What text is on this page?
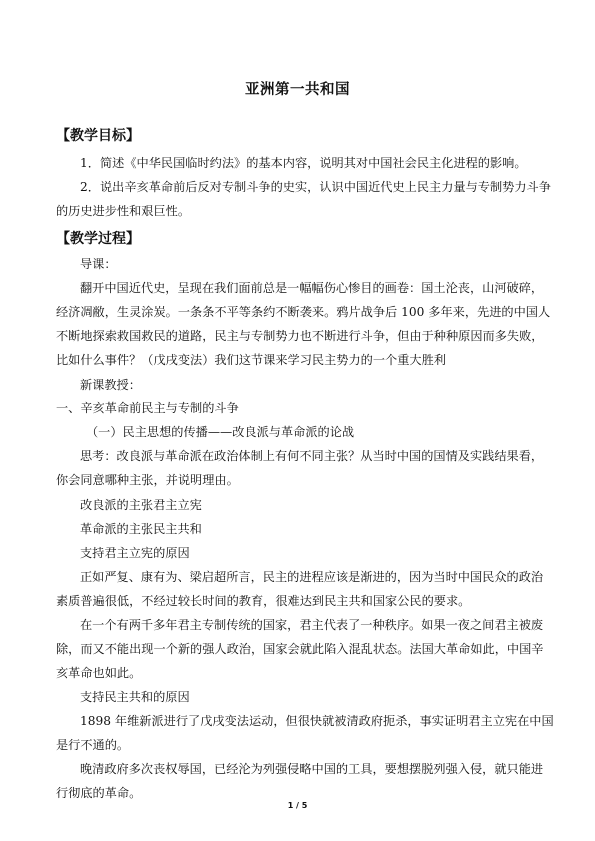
亚洲第一共和国
【教学目标】
1．简述《中华民国临时约法》的基本内容，说明其对中国社会民主化进程的影响。
2．说出辛亥革命前后反对专制斗争的史实，认识中国近代史上民主力量与专制势力斗争
的历史进步性和艰巨性。
【教学过程】
导课：
翻开中国近代史，呈现在我们面前总是一幅幅伤心惨目的画卷：国土沦丧，山河破碎，
经济凋敝，生灵涂炭。一条条不平等条约不断袭来。鸦片战争后 100 多年来，先进的中国人
不断地探索救国救民的道路，民主与专制势力也不断进行斗争，但由于种种原因而多失败，
比如什么事件？（戊戌变法）我们这节课来学习民主势力的一个重大胜利
新课教授：
一、辛亥革命前民主与专制的斗争
（一）民主思想的传播——改良派与革命派的论战
思考：改良派与革命派在政治体制上有何不同主张？从当时中国的国情及实践结果看，
你会同意哪种主张，并说明理由。
改良派的主张君主立宪
革命派的主张民主共和
支持君主立宪的原因
正如严复、康有为、梁启超所言，民主的进程应该是渐进的，因为当时中国民众的政治
素质普遍很低，不经过较长时间的教育，很难达到民主共和国家公民的要求。
在一个有两千多年君主专制传统的国家，君主代表了一种秩序。如果一夜之间君主被废
除，而又不能出现一个新的强人政治，国家会就此陷入混乱状态。法国大革命如此，中国辛
亥革命也如此。
支持民主共和的原因
1898 年维新派进行了戊戌变法运动，但很快就被清政府扼杀，事实证明君主立宪在中国
是行不通的。
晚清政府多次丧权辱国，已经沦为列强侵略中国的工具，要想摆脱列强入侵，就只能进
行彻底的革命。
1 / 5
